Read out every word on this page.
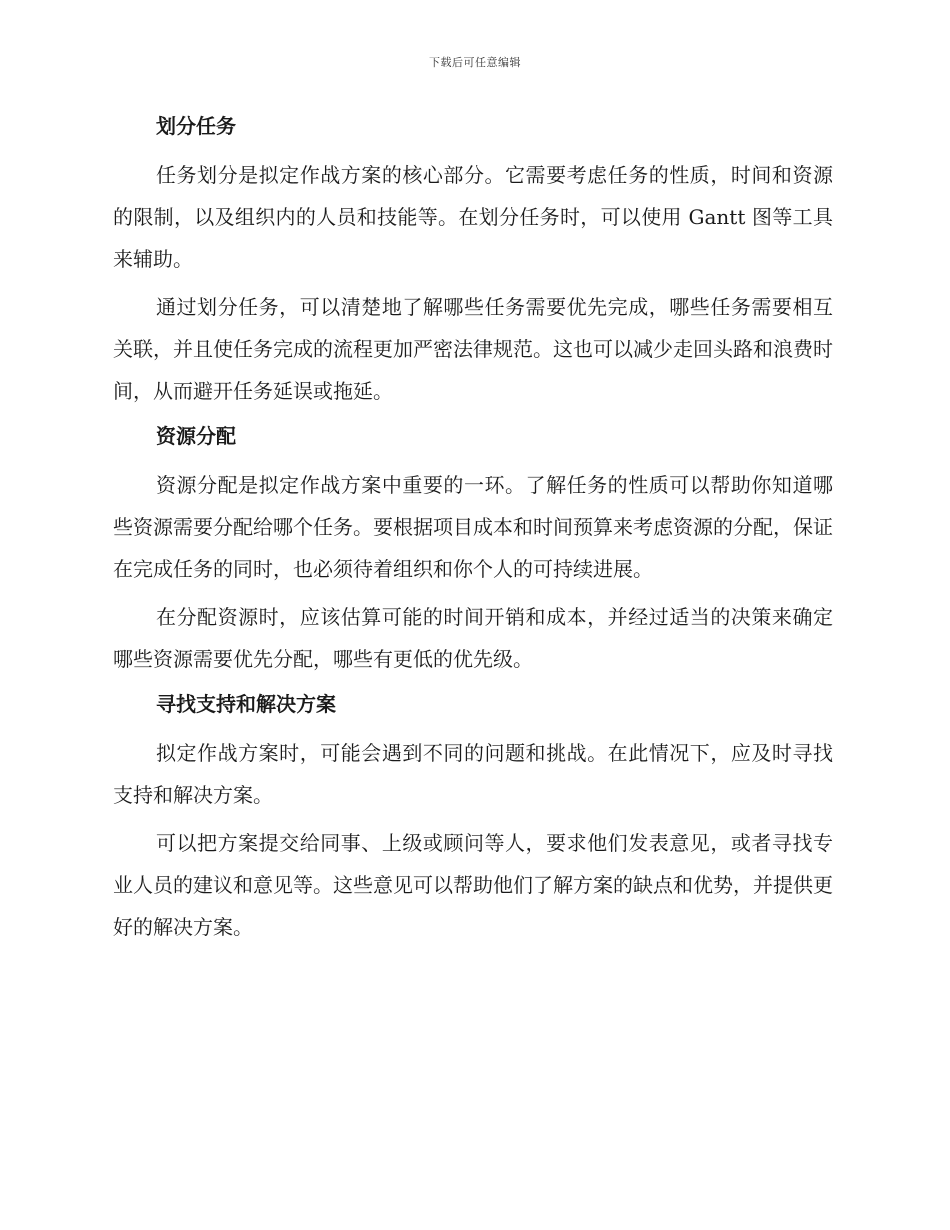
下载后可任意编辑
划分任务

任务划分是拟定作战方案的核心部分。它需要考虑任务的性质，时间和资源的限制，以及组织内的人员和技能等。在划分任务时，可以使用 Gantt 图等工具来辅助。

通过划分任务，可以清楚地了解哪些任务需要优先完成，哪些任务需要相互关联，并且使任务完成的流程更加严密法律规范。这也可以减少走回头路和浪费时间，从而避开任务延误或拖延。

资源分配

资源分配是拟定作战方案中重要的一环。了解任务的性质可以帮助你知道哪些资源需要分配给哪个任务。要根据项目成本和时间预算来考虑资源的分配，保证在完成任务的同时，也必须待着组织和你个人的可持续进展。

在分配资源时，应该估算可能的时间开销和成本，并经过适当的决策来确定哪些资源需要优先分配，哪些有更低的优先级。

寻找支持和解决方案

拟定作战方案时，可能会遇到不同的问题和挑战。在此情况下，应及时寻找支持和解决方案。

可以把方案提交给同事、上级或顾问等人，要求他们发表意见，或者寻找专业人员的建议和意见等。这些意见可以帮助他们了解方案的缺点和优势，并提供更好的解决方案。
